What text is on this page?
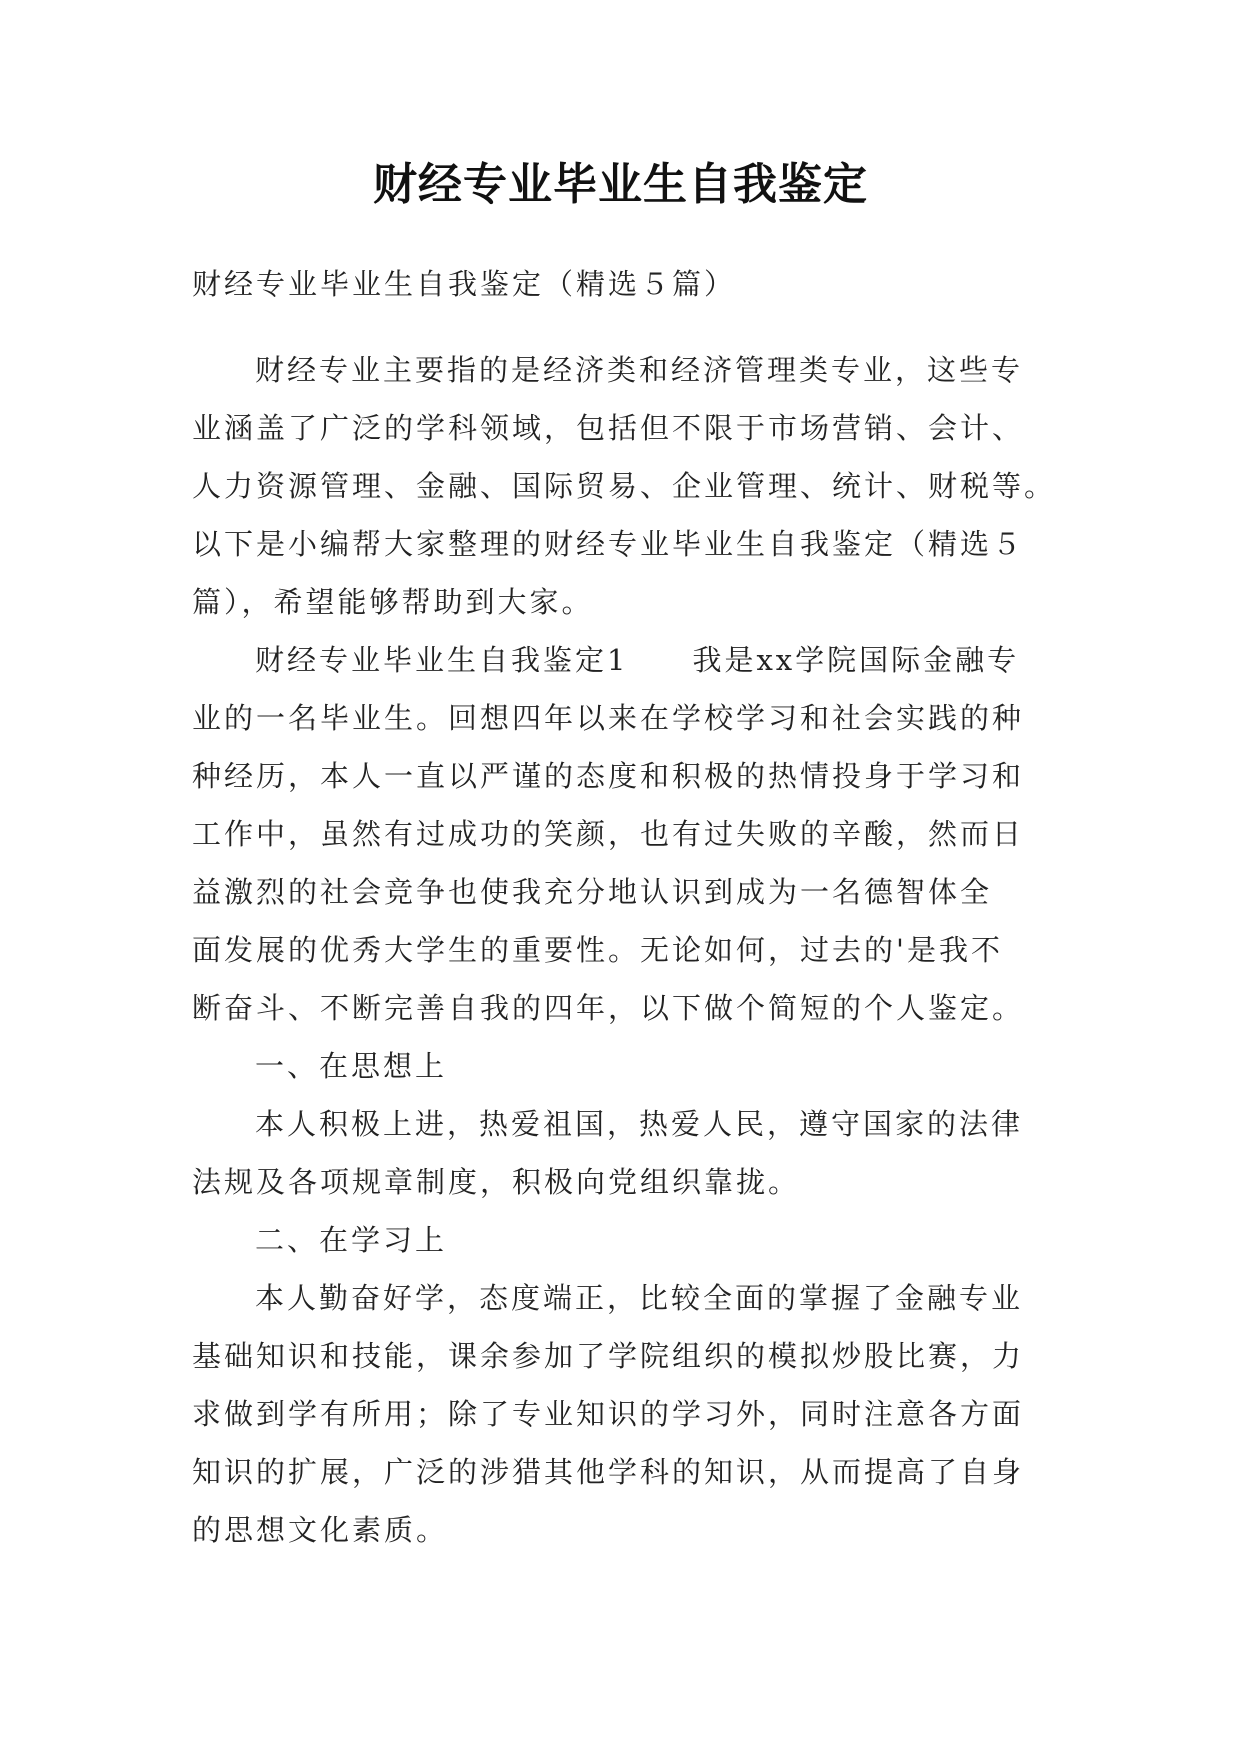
财经专业毕业生自我鉴定
财经专业毕业生自我鉴定（精选５篇）
财经专业主要指的是经济类和经济管理类专业，这些专
业涵盖了广泛的学科领域，包括但不限于市场营销、会计、
人力资源管理、金融、国际贸易、企业管理、统计、财税等。
以下是小编帮大家整理的财经专业毕业生自我鉴定（精选５
篇），希望能够帮助到大家。
财经专业毕业生自我鉴定1　　我是xx学院国际金融专
业的一名毕业生。回想四年以来在学校学习和社会实践的种
种经历，本人一直以严谨的态度和积极的热情投身于学习和
工作中，虽然有过成功的笑颜，也有过失败的辛酸，然而日
益激烈的社会竞争也使我充分地认识到成为一名德智体全
面发展的优秀大学生的重要性。无论如何，过去的'是我不
断奋斗、不断完善自我的四年，以下做个简短的个人鉴定。
一、在思想上
本人积极上进，热爱祖国，热爱人民，遵守国家的法律
法规及各项规章制度，积极向党组织靠拢。
二、在学习上
本人勤奋好学，态度端正，比较全面的掌握了金融专业
基础知识和技能，课余参加了学院组织的模拟炒股比赛，力
求做到学有所用；除了专业知识的学习外，同时注意各方面
知识的扩展，广泛的涉猎其他学科的知识，从而提高了自身
的思想文化素质。
